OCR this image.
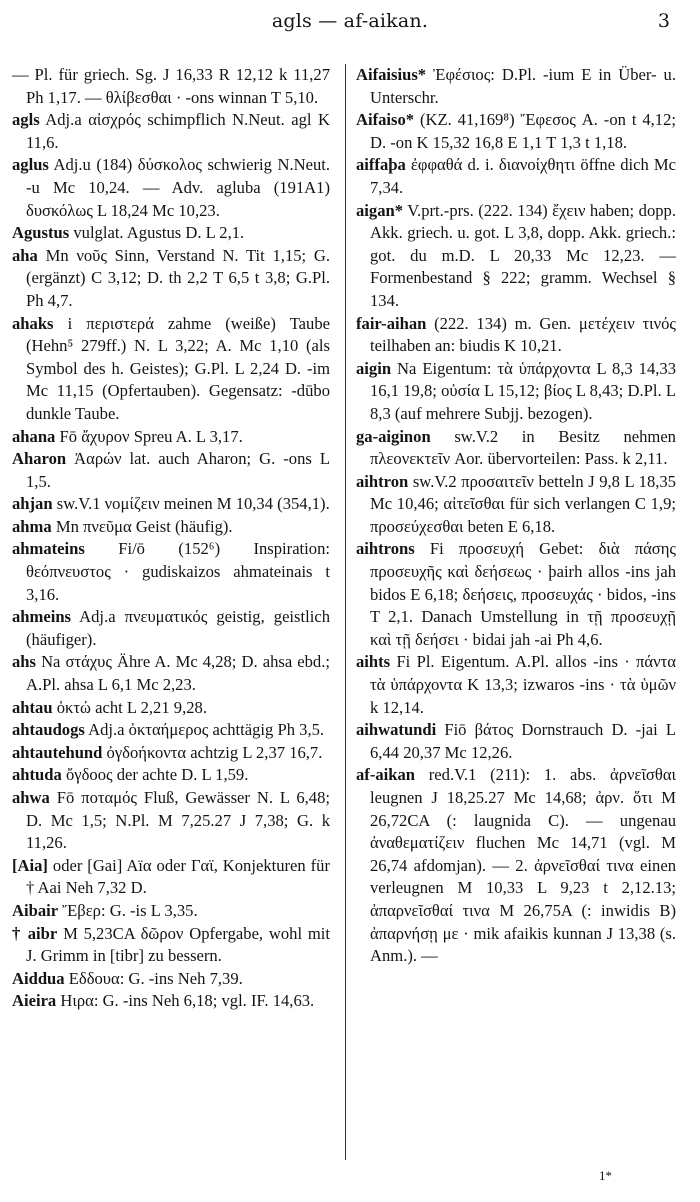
agls — af-aikan.	3
— Pl. für griech. Sg. J 16,33 R 12,12 k 11,27 Ph 1,17. — θλίβεσθαι · -ons winnan T 5,10.
agls Adj.a αἰσχρός schimpflich N.Neut. agl K 11,6.
aglus Adj.u (184) δύσκολος schwierig N.Neut. -u Mc 10,24. — Adv. agluba (191A1) δυσκόλως L 18,24 Mc 10,23.
Agustus vulglat. Agustus D. L 2,1.
aha Mn νοῦς Sinn, Verstand N. Tit 1,15; G. (ergänzt) C 3,12; D. th 2,2 T 6,5 t 3,8; G.Pl. Ph 4,7.
ahaks i περιστερά zahme (weiße) Taube (Hehn⁵ 279ff.) N. L 3,22; A. Mc 1,10 (als Symbol des h. Geistes); G.Pl. L 2,24 D. -im Mc 11,15 (Opfertauben). Gegensatz: -dūbo dunkle Taube.
ahana Fō ἄχυρον Spreu A. L 3,17.
Aharon Ἀαρών lat. auch Aharon; G. -ons L 1,5.
ahjan sw.V.1 νομίζειν meinen M 10,34 (354,1).
ahma Mn πνεῦμα Geist (häufig).
ahmateins Fi/ō (152⁶) Inspiration: θεόπνευστος · gudiskaizos ahmateinais t 3,16.
ahmeins Adj.a πνευματικός geistig, geistlich (häufiger).
ahs Na στάχυς Ähre A. Mc 4,28; D. ahsa ebd.; A.Pl. ahsa L 6,1 Mc 2,23.
ahtau ὀκτώ acht L 2,21 9,28.
ahtaudogs Adj.a ὀκταήμερος achttägig Ph 3,5.
ahtautehund ὀγδοήκοντα achtzig L 2,37 16,7.
ahtuda ὄγδοος der achte D. L 1,59.
ahwa Fō ποταμός Fluß, Gewässer N. L 6,48; D. Mc 1,5; N.Pl. M 7,25.27 J 7,38; G. k 11,26.
[Aia] oder [Gai] Aïα oder Γαϊ, Konjekturen für † Aai Neh 7,32 D.
Aibair Ἔβερ: G. -is L 3,35.
† aibr M 5,23CA δῶρον Opfergabe, wohl mit J. Grimm in [tibr] zu bessern.
Aiddua Εδδουα: G. -ins Neh 7,39.
Aieira Ηιρα: G. -ins Neh 6,18; vgl. IF. 14,63.
Aifaisius* Ἐφέσιος: D.Pl. -ium E in Über- u. Unterschr.
Aifaiso* (KZ. 41,169⁸) Ἔφεσος A. -on t 4,12; D. -on K 15,32 16,8 E 1,1 T 1,3 t 1,18.
aiffaþa ἐφφαθά d. i. διανοίχθητι öffne dich Mc 7,34.
aigan* V.prt.-prs. (222. 134) ἔχειν haben; dopp. Akk. griech. u. got. L 3,8, dopp. Akk. griech.: got. du m.D. L 20,33 Mc 12,23. — Formenbestand § 222; gramm. Wechsel § 134.
fair-aihan (222. 134) m. Gen. μετέχειν τινός teilhaben an: biudis K 10,21.
aigin Na Eigentum: τὰ ὑπάρχοντα L 8,3 14,33 16,1 19,8; οὐσία L 15,12; βίος L 8,43; D.Pl. L 8,3 (auf mehrere Subjj. bezogen).
ga-aiginon sw.V.2 in Besitz nehmen πλεονεκτεῖν Aor. übervorteilen: Pass. k 2,11.
aihtron sw.V.2 προσαιτεῖν betteln J 9,8 L 18,35 Mc 10,46; αἰτεῖσθαι für sich verlangen C 1,9; προσεύχεσθαι beten E 6,18.
aihtrons Fi προσευχή Gebet: διὰ πάσης προσευχῆς καὶ δεήσεως · þairh allos -ins jah bidos E 6,18; δεήσεις, προσευχάς · bidos, -ins T 2,1. Danach Umstellung in τῇ προσευχῇ καὶ τῇ δεήσει · bidai jah -ai Ph 4,6.
aihts Fi Pl. Eigentum. A.Pl. allos -ins · πάντα τὰ ὑπάρχοντα K 13,3; izwaros -ins · τὰ ὑμῶν k 12,14.
aihwatundi Fiō βάτος Dornstrauch D. -jai L 6,44 20,37 Mc 12,26.
af-aikan red.V.1 (211): 1. abs. ἀρνεῖσθαι leugnen J 18,25.27 Mc 14,68; ἀρν. ὅτι M 26,72CA (: laugnida C). — ungenau ἀναθεματίζειν fluchen Mc 14,71 (vgl. M 26,74 afdomjan). — 2. ἀρνεῖσθαί τινα einen verleugnen M 10,33 L 9,23 t 2,12.13; ἀπαρνεῖσθαί τινα M 26,75A (: inwidis B) ἀπαρνήσῃ με · mik afaikis kunnan J 13,38 (s. Anm.). —
1*
